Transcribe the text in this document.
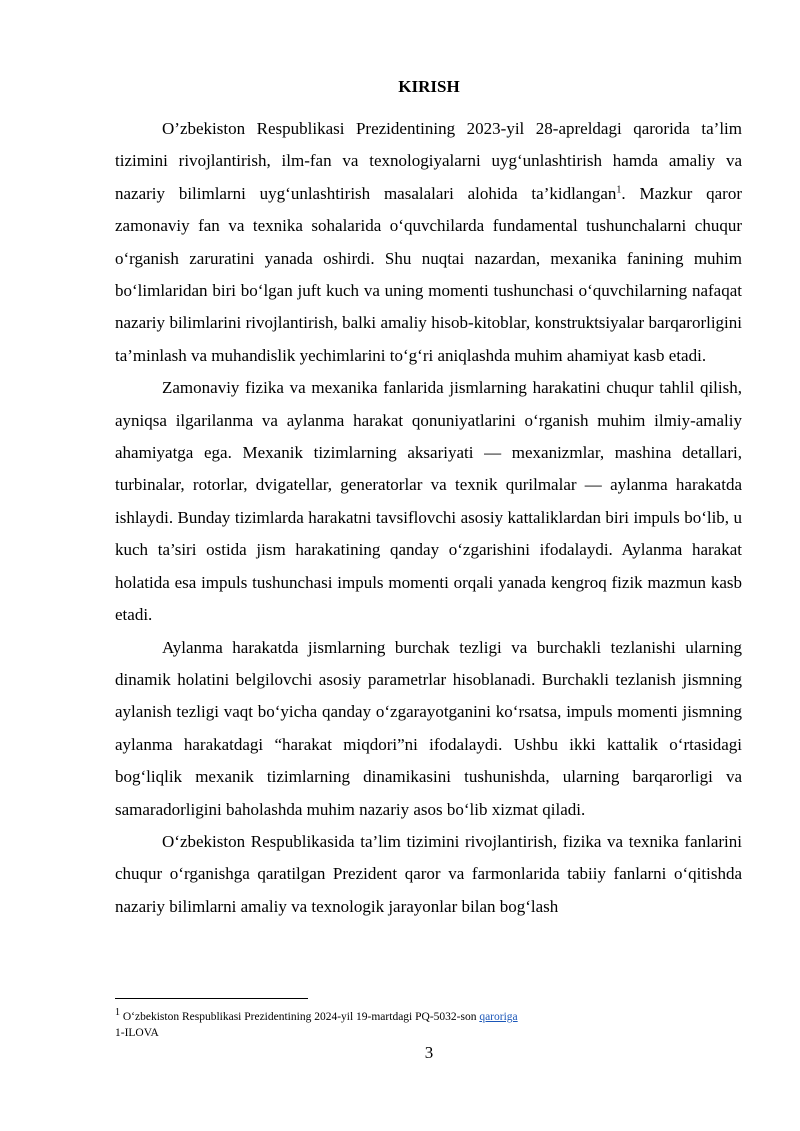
KIRISH

O’zbekiston Respublikasi Prezidentining 2023-yil 28-apreldagi qarorida ta’lim tizimini rivojlantirish, ilm-fan va texnologiyalarni uyg‘unlashtirish hamda amaliy va nazariy bilimlarni uyg‘unlashtirish masalalari alohida ta’kidlangan$^1$. Mazkur qaror zamonaviy fan va texnika sohalarida o‘quvchilarda fundamental tushunchalarni chuqur o‘rganish zaruratini yanada oshirdi. Shu nuqtai nazardan, mexanika fanining muhim bo‘limlaridan biri bo‘lgan juft kuch va uning momenti tushunchasi o‘quvchilarning nafaqat nazariy bilimlarini rivojlantirish, balki amaliy hisob-kitoblar, konstruktsiyalar barqarorligini ta’minlash va muhandislik yechimlarini to‘g‘ri aniqlashda muhim ahamiyat kasb etadi.

Zamonaviy fizika va mexanika fanlarida jismlarning harakatini chuqur tahlil qilish, ayniqsa ilgarilanma va aylanma harakat qonuniyatlarini o‘rganish muhim ilmiy-amaliy ahamiyatga ega. Mexanik tizimlarning aksariyati — mexanizmlar, mashina detallari, turbinalar, rotorlar, dvigatellar, generatorlar va texnik qurilmalar — aylanma harakatda ishlaydi. Bunday tizimlarda harakatni tavsiflovchi asosiy kattaliklardan biri impuls bo‘lib, u kuch ta’siri ostida jism harakatining qanday o‘zgarishini ifodalaydi. Aylanma harakat holatida esa impuls tushunchasi impuls momenti orqali yanada kengroq fizik mazmun kasb etadi.

Aylanma harakatda jismlarning burchak tezligi va burchakli tezlanishi ularning dinamik holatini belgilovchi asosiy parametrlar hisoblanadi. Burchakli tezlanish jismning aylanish tezligi vaqt bo‘yicha qanday o‘zgarayotganini ko‘rsatsa, impuls momenti jismning aylanma harakatdagi “harakat miqdori”ni ifodalaydi. Ushbu ikki kattalik o‘rtasidagi bog‘liqlik mexanik tizimlarning dinamikasini tushunishda, ularning barqarorligi va samaradorligini baholashda muhim nazariy asos bo‘lib xizmat qiladi.

O‘zbekiston Respublikasida ta’lim tizimini rivojlantirish, fizika va texnika fanlarini chuqur o‘rganishga qaratilgan Prezident qaror va farmonlarida tabiiy fanlarni o‘qitishda nazariy bilimlarni amaliy va texnologik jarayonlar bilan bog‘lash

$^1$ O‘zbekiston Respublikasi Prezidentining 2024-yil 19-martdagi PQ-5032-son qaroriga
1-ILOVA
3
